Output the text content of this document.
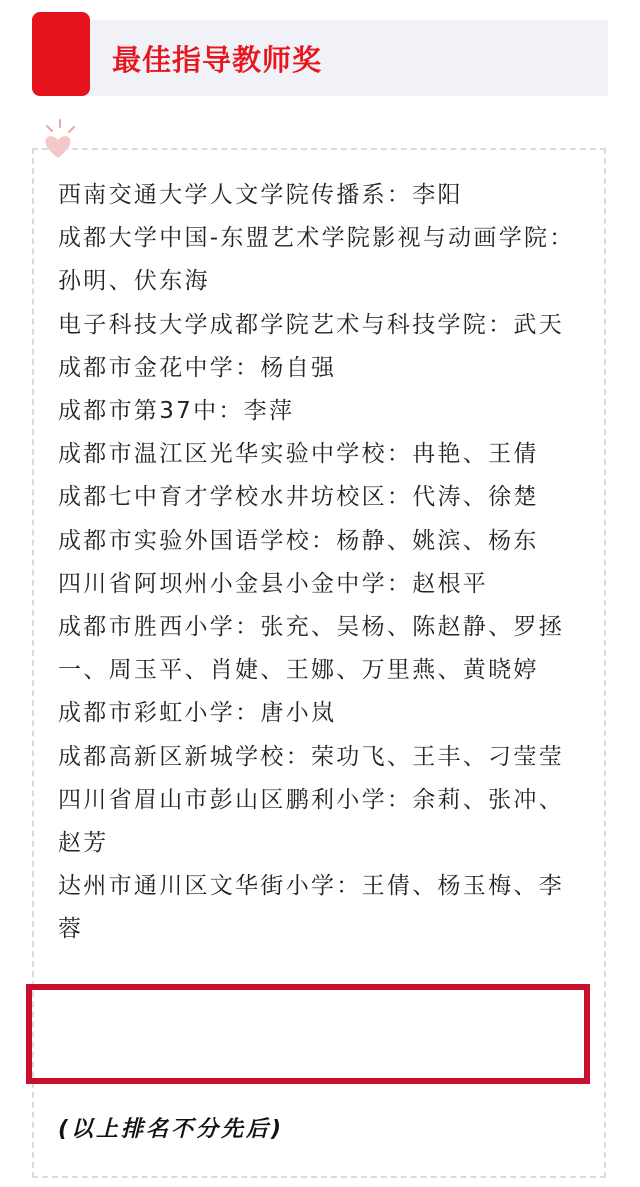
最佳指导教师奖

西南交通大学人文学院传播系：李阳

成都大学中国-东盟艺术学院影视与动画学院：孙明、伏东海

电子科技大学成都学院艺术与科技学院：武天

成都市金花中学：杨自强

成都市第37中：李萍

成都市温江区光华实验中学校：冉艳、王倩

成都七中育才学校水井坊校区：代涛、徐楚

成都市实验外国语学校：杨静、姚滨、杨东

四川省阿坝州小金县小金中学：赵根平

成都市胜西小学：张充、吴杨、陈赵静、罗拯一、周玉平、肖婕、王娜、万里燕、黄晓婷

成都市彩虹小学：唐小岚

成都高新区新城学校：荣功飞、王丰、刁莹莹

四川省眉山市彭山区鹏利小学：余莉、张冲、赵芳

达州市通川区文华街小学：王倩、杨玉梅、李蓉

(以上排名不分先后)
